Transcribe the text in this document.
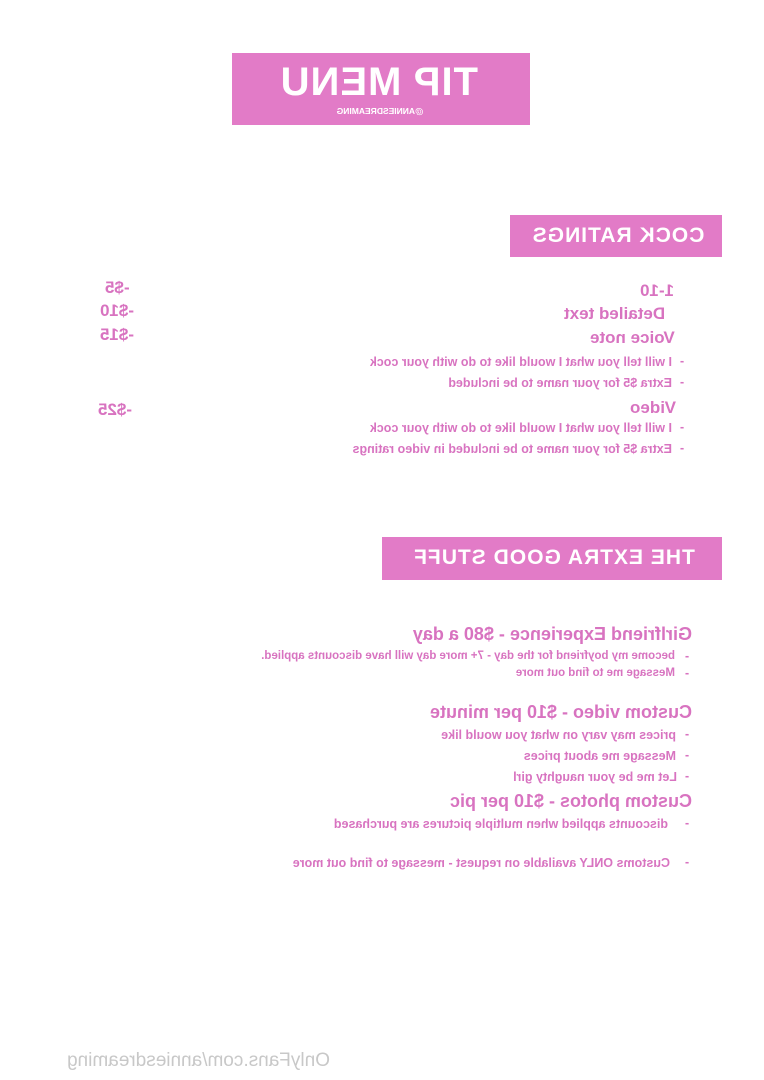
TIP MENU
@ANNIESDREAMING
COCK RATINGS
1-10
-$5
Detailed text
-$10
Voice note
-$15
-
I will tell you what I would like to do with your cock
-
Extra $5 for your name to be included
Video
-$25
-
I will tell you what I would like to do with your cock
-
Extra $5 for your name to be included in video ratings
THE EXTRA GOOD STUFF
Girlfriend Experience - $80 a day
-
become my boyfriend for the day - 7+ more day will have discounts applied.
-
Message me to find out more
Custom video - $10 per minute
-
prices may vary on what you would like
-
Message me about prices
-
Let me be your naughty girl
Custom photos - $10 per pic
-
discounts applied when multiple pictures are purchased
-
Customs ONLY available on request - message to find out more
OnlyFans.com/anniesdreaming
